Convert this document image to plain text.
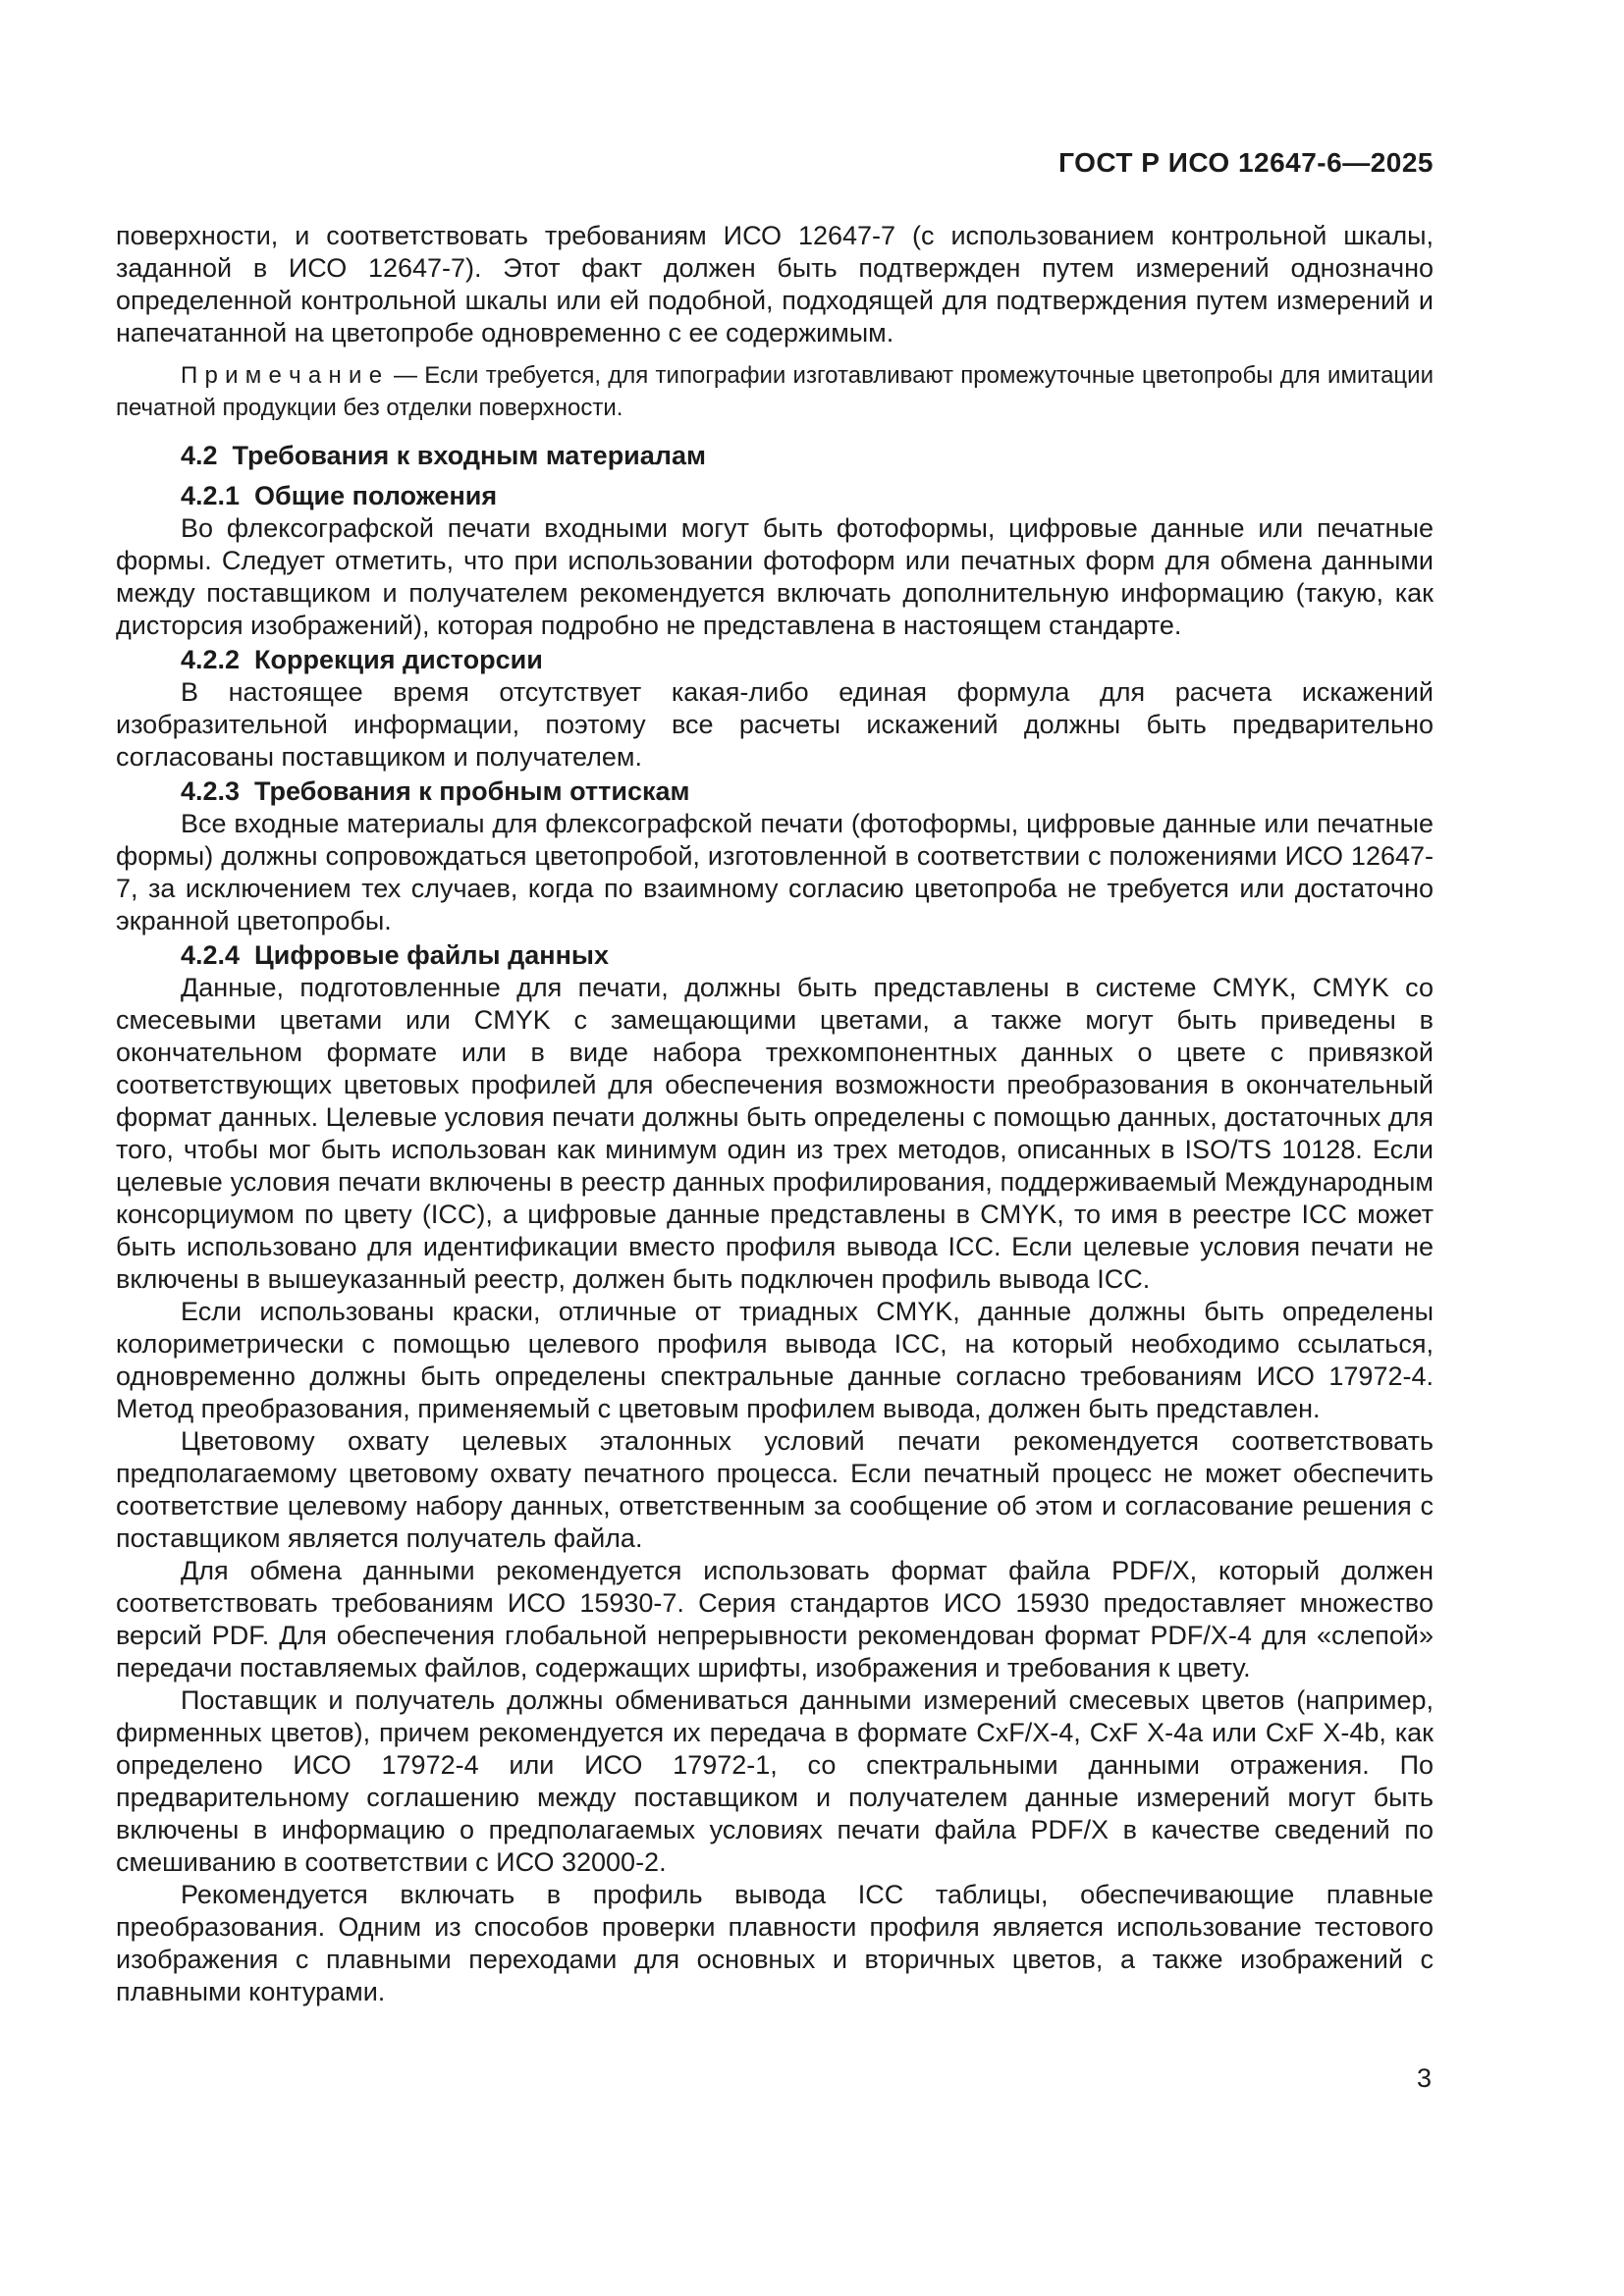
ГОСТ Р ИСО 12647-6—2025

поверхности, и соответствовать требованиям ИСО 12647-7 (с использованием контрольной шкалы, заданной в ИСО 12647-7). Этот факт должен быть подтвержден путем измерений однозначно определенной контрольной шкалы или ей подобной, подходящей для подтверждения путем измерений и напечатанной на цветопробе одновременно с ее содержимым.

П р и м е ч а н и е — Если требуется, для типографии изготавливают промежуточные цветопробы для имитации печатной продукции без отделки поверхности.

4.2  Требования к входным материалам
4.2.1  Общие положения

Во флексографской печати входными могут быть фотоформы, цифровые данные или печатные формы. Следует отметить, что при использовании фотоформ или печатных форм для обмена данными между поставщиком и получателем рекомендуется включать дополнительную информацию (такую, как дисторсия изображений), которая подробно не представлена в настоящем стандарте.

4.2.2  Коррекция дисторсии

В настоящее время отсутствует какая-либо единая формула для расчета искажений изобразительной информации, поэтому все расчеты искажений должны быть предварительно согласованы поставщиком и получателем.

4.2.3  Требования к пробным оттискам

Все входные материалы для флексографской печати (фотоформы, цифровые данные или печатные формы) должны сопровождаться цветопробой, изготовленной в соответствии с положениями ИСО 12647-7, за исключением тех случаев, когда по взаимному согласию цветопроба не требуется или достаточно экранной цветопробы.

4.2.4  Цифровые файлы данных

Данные, подготовленные для печати, должны быть представлены в системе CMYK, CMYK со смесевыми цветами или CMYK с замещающими цветами, а также могут быть приведены в окончательном формате или в виде набора трехкомпонентных данных о цвете с привязкой соответствующих цветовых профилей для обеспечения возможности преобразования в окончательный формат данных. Целевые условия печати должны быть определены с помощью данных, достаточных для того, чтобы мог быть использован как минимум один из трех методов, описанных в ISO/TS 10128. Если целевые условия печати включены в реестр данных профилирования, поддерживаемый Международным консорциумом по цвету (ICC), а цифровые данные представлены в CMYK, то имя в реестре ICC может быть использовано для идентификации вместо профиля вывода ICC. Если целевые условия печати не включены в вышеуказанный реестр, должен быть подключен профиль вывода ICC.

Если использованы краски, отличные от триадных CMYK, данные должны быть определены колориметрически с помощью целевого профиля вывода ICC, на который необходимо ссылаться, одновременно должны быть определены спектральные данные согласно требованиям ИСО 17972-4. Метод преобразования, применяемый с цветовым профилем вывода, должен быть представлен.

Цветовому охвату целевых эталонных условий печати рекомендуется соответствовать предполагаемому цветовому охвату печатного процесса. Если печатный процесс не может обеспечить соответствие целевому набору данных, ответственным за сообщение об этом и согласование решения с поставщиком является получатель файла.

Для обмена данными рекомендуется использовать формат файла PDF/X, который должен соответствовать требованиям ИСО 15930-7. Серия стандартов ИСО 15930 предоставляет множество версий PDF. Для обеспечения глобальной непрерывности рекомендован формат PDF/X-4 для «слепой» передачи поставляемых файлов, содержащих шрифты, изображения и требования к цвету.

Поставщик и получатель должны обмениваться данными измерений смесевых цветов (например, фирменных цветов), причем рекомендуется их передача в формате CxF/X-4, CxF X-4a или CxF X-4b, как определено ИСО 17972-4 или ИСО 17972-1, со спектральными данными отражения. По предварительному соглашению между поставщиком и получателем данные измерений могут быть включены в информацию о предполагаемых условиях печати файла PDF/X в качестве сведений по смешиванию в соответствии с ИСО 32000-2.

Рекомендуется включать в профиль вывода ICC таблицы, обеспечивающие плавные преобразования. Одним из способов проверки плавности профиля является использование тестового изображения с плавными переходами для основных и вторичных цветов, а также изображений с плавными контурами.

3
